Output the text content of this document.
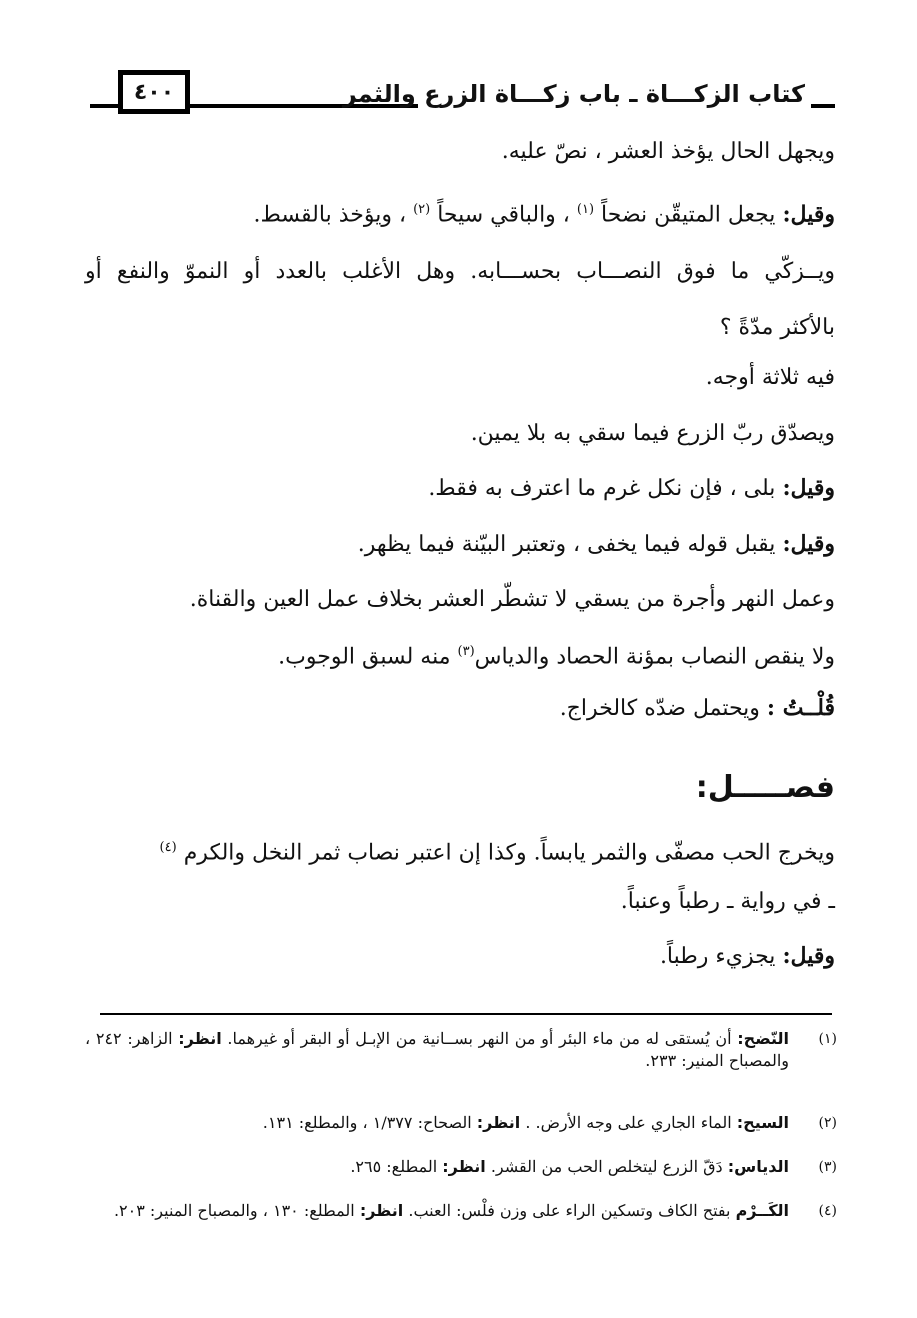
٤٠٠	كتاب الزكـــاة ـ باب زكـــاة الزرع والثمر
ويجهل الحال يؤخذ العشر ، نصّ عليه.
وقيل: يجعل المتيقّن نضحاً $^{(١)}$ ، والباقي سيحاً $^{(٢)}$ ، ويؤخذ بالقسط.
ويــزكّي ما فوق النصـــاب بحســـابه. وهل الأغلب بالعدد أو النموّ والنفع أو
بالأكثر مدّةً ؟
فيه ثلاثة أوجه.
ويصدّق ربّ الزرع فيما سقي به بلا يمين.
وقيل: بلى ، فإن نكل غرم ما اعترف به فقط.
وقيل: يقبل قوله فيما يخفى ، وتعتبر البيّنة فيما يظهر.
وعمل النهر وأجرة من يسقي لا تشطّر العشر بخلاف عمل العين والقناة.
ولا ينقص النصاب بمؤنة الحصاد والدياس$^{(٣)}$ منه لسبق الوجوب.
قُلْــتُ : ويحتمل ضدّه كالخراج.
فصـــــل:
ويخرج الحب مصفّى والثمر يابساً. وكذا إن اعتبر نصاب ثمر النخل والكرم $^{(٤)}$
ـ في رواية ـ رطباً وعنباً.
وقيل: يجزيء رطباً.
(١)
النّضح: أن يُستقى له من ماء البئر أو من النهر بســانية من الإبـل أو البقر أو غيرهما. انظر: الزاهر: ٢٤٢ ، والمصباح المنير: ٢٣٣.
(٢)
السيح: الماء الجاري على وجه الأرض. . انظر: الصحاح: ١/٣٧٧ ، والمطلع: ١٣١.
(٣)
الدياس: دَقّ الزرع ليتخلص الحب من القشر. انظر: المطلع: ٢٦٥.
(٤)
الكَــرْم بفتح الكاف وتسكين الراء على وزن فلْس: العنب. انظر: المطلع: ١٣٠ ، والمصباح المنير: ٢٠٣.
